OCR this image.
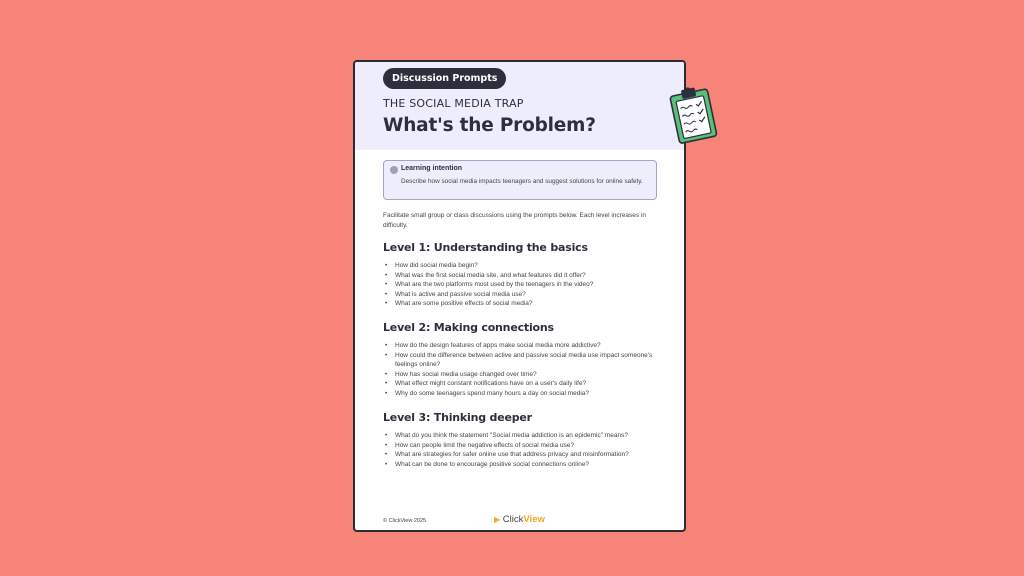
Discussion Prompts
THE SOCIAL MEDIA TRAP
What's the Problem?
Learning intention
Describe how social media impacts teenagers and suggest solutions for online safety.
Facilitate small group or class discussions using the prompts below. Each level increases in difficulty.
Level 1: Understanding the basics
• How did social media begin?
• What was the first social media site, and what features did it offer?
• What are the two platforms most used by the teenagers in the video?
• What is active and passive social media use?
• What are some positive effects of social media?
Level 2: Making connections
• How do the design features of apps make social media more addictive?
• How could the difference between active and passive social media use impact someone's feelings online?
• How has social media usage changed over time?
• What effect might constant notifications have on a user's daily life?
• Why do some teenagers spend many hours a day on social media?
Level 3: Thinking deeper
• What do you think the statement "Social media addiction is an epidemic" means?
• How can people limit the negative effects of social media use?
• What are strategies for safer online use that address privacy and misinformation?
• What can be done to encourage positive social connections online?
© ClickView 2025	▶ ClickView
